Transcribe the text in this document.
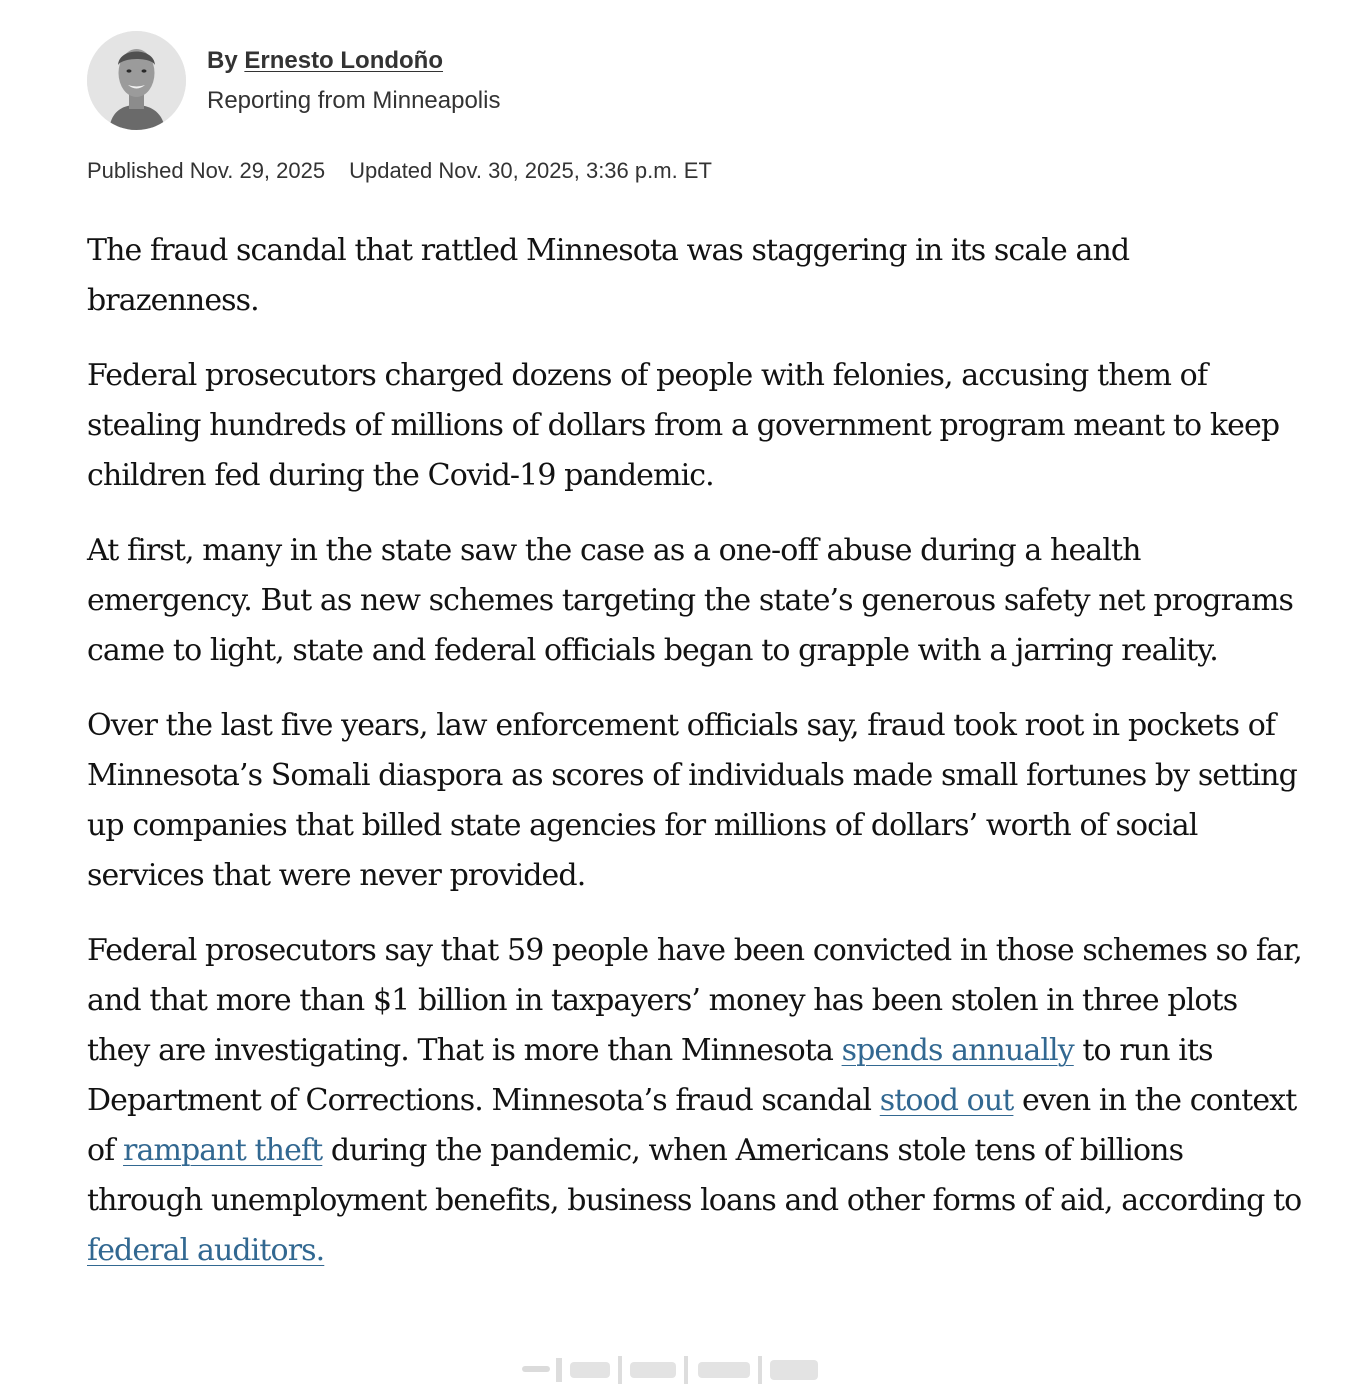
By Ernesto Londoño
Reporting from Minneapolis
Published Nov. 29, 2025 Updated Nov. 30, 2025, 3:36 p.m. ET

The fraud scandal that rattled Minnesota was staggering in its scale and brazenness.

Federal prosecutors charged dozens of people with felonies, accusing them of stealing hundreds of millions of dollars from a government program meant to keep children fed during the Covid-19 pandemic.

At first, many in the state saw the case as a one-off abuse during a health emergency. But as new schemes targeting the state’s generous safety net programs came to light, state and federal officials began to grapple with a jarring reality.

Over the last five years, law enforcement officials say, fraud took root in pockets of Minnesota’s Somali diaspora as scores of individuals made small fortunes by setting up companies that billed state agencies for millions of dollars’ worth of social services that were never provided.

Federal prosecutors say that 59 people have been convicted in those schemes so far, and that more than $1 billion in taxpayers’ money has been stolen in three plots they are investigating. That is more than Minnesota spends annually to run its Department of Corrections. Minnesota’s fraud scandal stood out even in the context of rampant theft during the pandemic, when Americans stole tens of billions through unemployment benefits, business loans and other forms of aid, according to federal auditors.
